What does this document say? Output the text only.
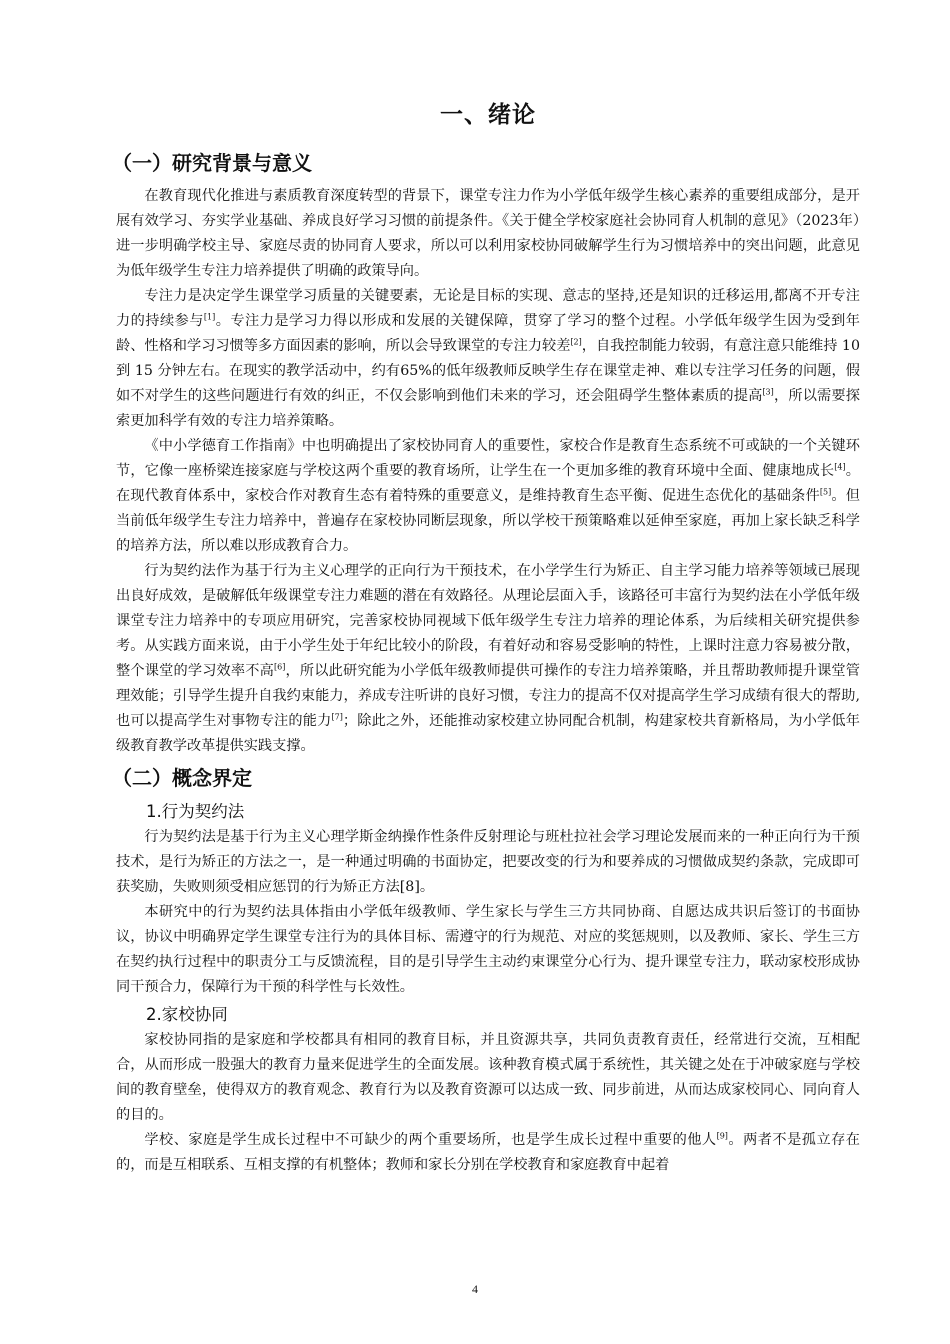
一、绪论
（一）研究背景与意义

在教育现代化推进与素质教育深度转型的背景下，课堂专注力作为小学低年级学生核心素养的重要组成部分，是开展有效学习、夯实学业基础、养成良好学习习惯的前提条件。《关于健全学校家庭社会协同育人机制的意见》（2023年）进一步明确学校主导、家庭尽责的协同育人要求，所以可以利用家校协同破解学生行为习惯培养中的突出问题，此意见为低年级学生专注力培养提供了明确的政策导向。

专注力是决定学生课堂学习质量的关键要素，无论是目标的实现、意志的坚持,还是知识的迁移运用,都离不开专注力的持续参与[1]。专注力是学习力得以形成和发展的关键保障，贯穿了学习的整个过程。小学低年级学生因为受到年龄、性格和学习习惯等多方面因素的影响，所以会导致课堂的专注力较差[2]，自我控制能力较弱，有意注意只能维持 10 到 15 分钟左右。在现实的教学活动中，约有65%的低年级教师反映学生存在课堂走神、难以专注学习任务的问题，假如不对学生的这些问题进行有效的纠正，不仅会影响到他们未来的学习，还会阻碍学生整体素质的提高[3]，所以需要探索更加科学有效的专注力培养策略。

《中小学德育工作指南》中也明确提出了家校协同育人的重要性，家校合作是教育生态系统不可或缺的一个关键环节，它像一座桥梁连接家庭与学校这两个重要的教育场所，让学生在一个更加多维的教育环境中全面、健康地成长[4]。在现代教育体系中，家校合作对教育生态有着特殊的重要意义，是维持教育生态平衡、促进生态优化的基础条件[5]。但当前低年级学生专注力培养中，普遍存在家校协同断层现象，所以学校干预策略难以延伸至家庭，再加上家长缺乏科学的培养方法，所以难以形成教育合力。

行为契约法作为基于行为主义心理学的正向行为干预技术，在小学学生行为矫正、自主学习能力培养等领域已展现出良好成效，是破解低年级课堂专注力难题的潜在有效路径。从理论层面入手，该路径可丰富行为契约法在小学低年级课堂专注力培养中的专项应用研究，完善家校协同视域下低年级学生专注力培养的理论体系，为后续相关研究提供参考。从实践方面来说，由于小学生处于年纪比较小的阶段，有着好动和容易受影响的特性，上课时注意力容易被分散，整个课堂的学习效率不高[6]，所以此研究能为小学低年级教师提供可操作的专注力培养策略，并且帮助教师提升课堂管理效能；引导学生提升自我约束能力，养成专注听讲的良好习惯，专注力的提高不仅对提高学生学习成绩有很大的帮助,也可以提高学生对事物专注的能力[7]；除此之外，还能推动家校建立协同配合机制，构建家校共育新格局，为小学低年级教育教学改革提供实践支撑。

（二）概念界定
1.行为契约法

行为契约法是基于行为主义心理学斯金纳操作性条件反射理论与班杜拉社会学习理论发展而来的一种正向行为干预技术，是行为矫正的方法之一，是一种通过明确的书面协定，把要改变的行为和要养成的习惯做成契约条款，完成即可获奖励，失败则须受相应惩罚的行为矫正方法[8]。

本研究中的行为契约法具体指由小学低年级教师、学生家长与学生三方共同协商、自愿达成共识后签订的书面协议，协议中明确界定学生课堂专注行为的具体目标、需遵守的行为规范、对应的奖惩规则，以及教师、家长、学生三方在契约执行过程中的职责分工与反馈流程，目的是引导学生主动约束课堂分心行为、提升课堂专注力，联动家校形成协同干预合力，保障行为干预的科学性与长效性。

2.家校协同

家校协同指的是家庭和学校都具有相同的教育目标，并且资源共享，共同负责教育责任，经常进行交流，互相配合，从而形成一股强大的教育力量来促进学生的全面发展。该种教育模式属于系统性，其关键之处在于冲破家庭与学校间的教育壁垒，使得双方的教育观念、教育行为以及教育资源可以达成一致、同步前进，从而达成家校同心、同向育人的目的。

学校、家庭是学生成长过程中不可缺少的两个重要场所，也是学生成长过程中重要的他人[9]。两者不是孤立存在的，而是互相联系、互相支撑的有机整体；教师和家长分别在学校教育和家庭教育中起着

4
